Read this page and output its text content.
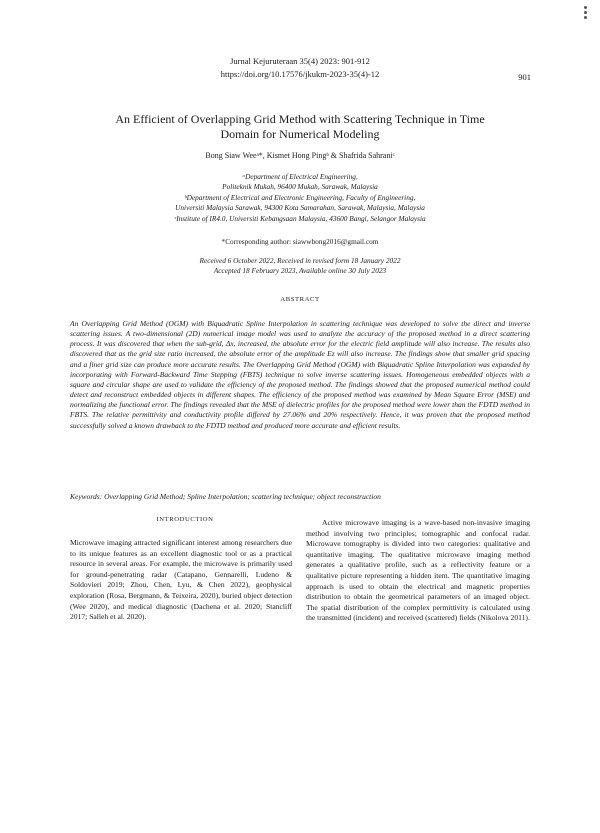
Jurnal Kejuruteraan 35(4) 2023: 901-912
https://doi.org/10.17576/jkukm-2023-35(4)-12	901
An Efficient of Overlapping Grid Method with Scattering Technique in Time Domain for Numerical Modeling
Bong Siaw Weeᵃ*, Kismet Hong Pingᵇ & Shafrida Sahraniᶜ
ᵃDepartment of Electrical Engineering,
Politeknik Mukah, 96400 Mukah, Sarawak, Malaysia
ᵇDepartment of Electrical and Electronic Engineering, Faculty of Engineering,
Universiti Malaysia Sarawak, 94300 Kota Samarahan, Sarawak, Malaysia, Malaysia
ᶜInstitute of IR4.0, Universiti Kebangsaan Malaysia, 43600 Bangi, Selangor Malaysia
*Corresponding author: siawwbong2016@gmail.com
Received 6 October 2022, Received in revised form 18 January 2022
Accepted 18 February 2023, Available online 30 July 2023
ABSTRACT
An Overlapping Grid Method (OGM) with Biquadratic Spline Interpolation in scattering technique was developed to solve the direct and inverse scattering issues. A two-dimensional (2D) numerical image model was used to analyze the accuracy of the proposed method in a direct scattering process. It was discovered that when the sub-grid, Δx, increased, the absolute error for the electric field amplitude will also increase. The results also discovered that as the grid size ratio increased, the absolute error of the amplitude Ez will also increase. The findings show that smaller grid spacing and a finer grid size can produce more accurate results. The Overlapping Grid Method (OGM) with Biquadratic Spline Interpolation was expanded by incorporating with Forward-Backward Time Stepping (FBTS) technique to solve inverse scattering issues. Homogeneous embedded objects with a square and circular shape are used to validate the efficiency of the proposed method. The findings showed that the proposed numerical method could detect and reconstruct embedded objects in different shapes. The efficiency of the proposed method was examined by Mean Square Error (MSE) and normalizing the functional error. The findings revealed that the MSE of dielectric profiles for the proposed method were lower than the FDTD method in FBTS. The relative permittivity and conductivity profile differed by 27.06% and 20% respectively. Hence, it was proven that the proposed method successfully solved a known drawback to the FDTD method and produced more accurate and efficient results.
Keywords: Overlapping Grid Method; Spline Interpolation; scattering technique; object reconstruction
INTRODUCTION

Microwave imaging attracted significant interest among researchers due to its unique features as an excellent diagnostic tool or as a practical resource in several areas. For example, the microwave is primarily used for ground-penetrating radar (Catapano, Gennarelli, Ludeno & Soldovieri 2019; Zhou, Chen, Lyu, & Chen 2022), geophysical exploration (Rosa, Bergmann, & Teixeira, 2020), buried object detection (Wee 2020), and medical diagnostic (Dachena et al. 2020; Stancliff 2017; Salleh et al. 2020).

Active microwave imaging is a wave-based non-invasive imaging method involving two principles; tomographic and confocal radar. Microwave tomography is divided into two categories: qualitative and quantitative imaging. The qualitative microwave imaging method generates a qualitative profile, such as a reflectivity feature or a qualitative picture representing a hidden item. The quantitative imaging approach is used to obtain the electrical and magnetic properties distribution to obtain the geometrical parameters of an imaged object. The spatial distribution of the complex permittivity is calculated using the transmitted (incident) and received (scattered) fields (Nikolova 2011).
